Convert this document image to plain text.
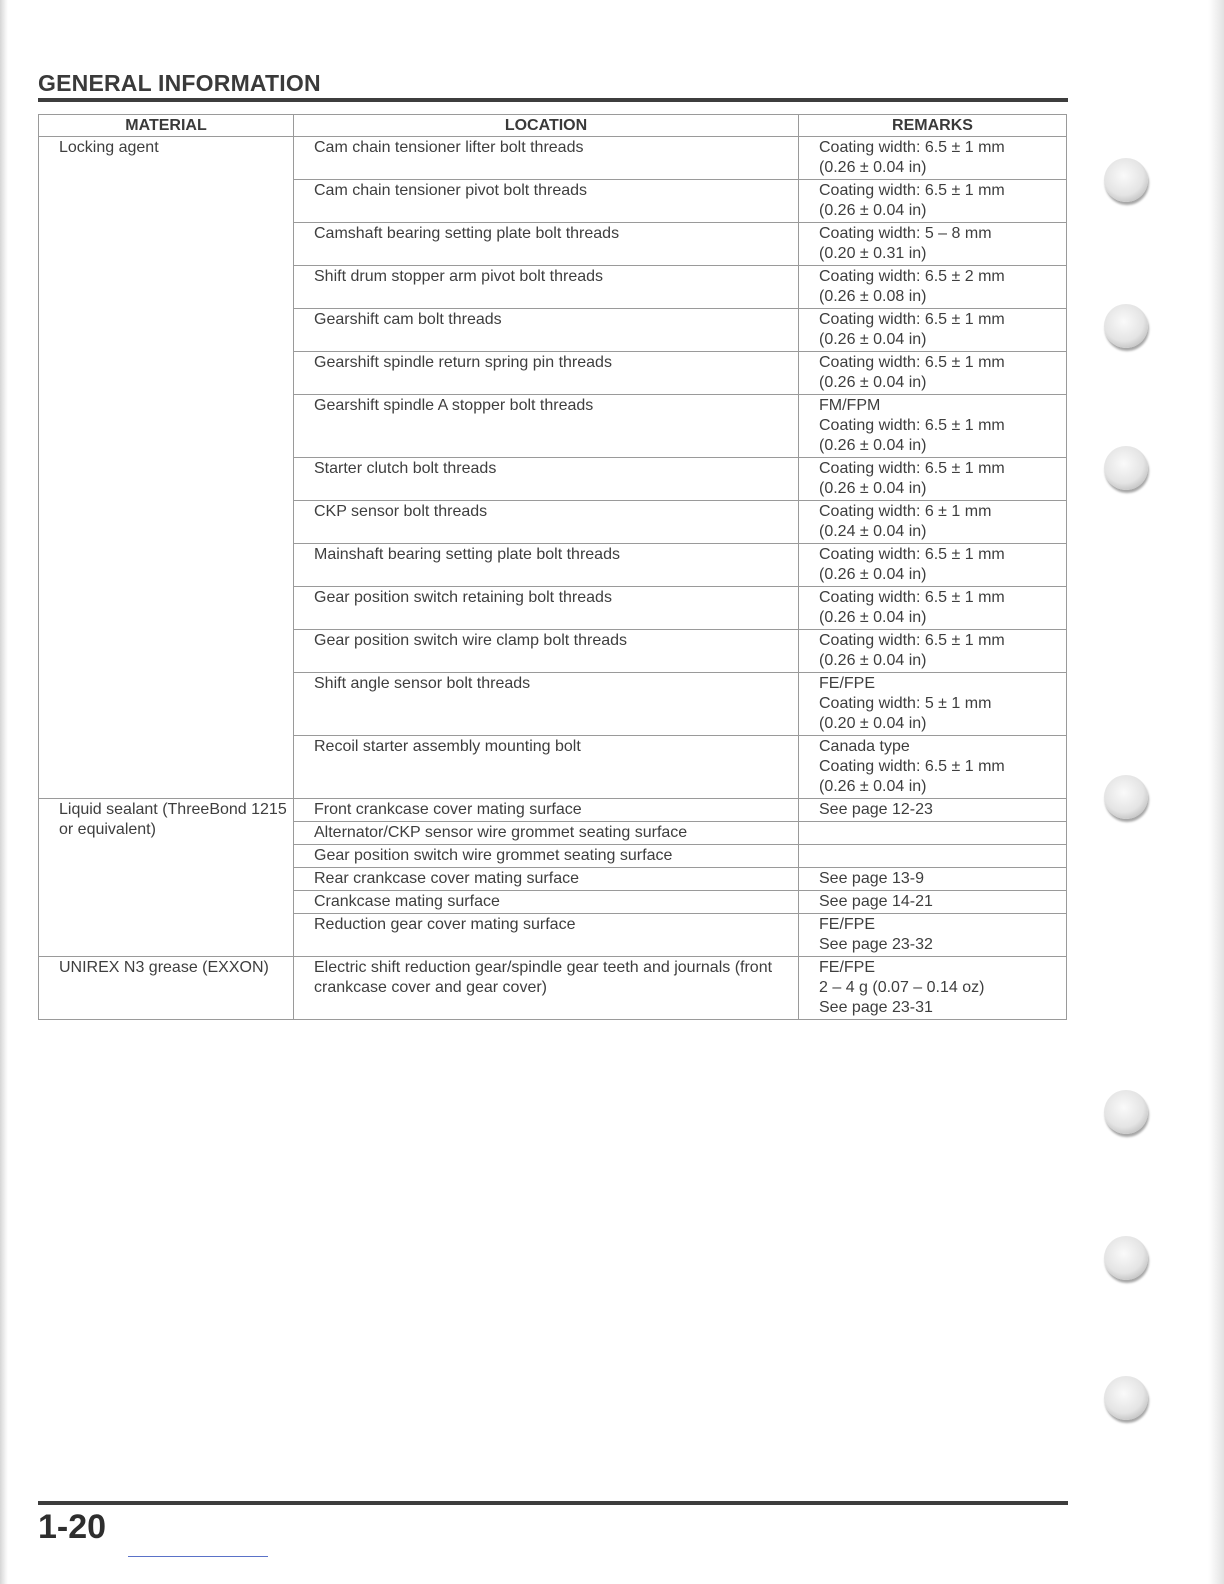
GENERAL INFORMATION
MATERIAL	LOCATION	REMARKS
Locking agent	Cam chain tensioner lifter bolt threads	Coating width: 6.5 ± 1 mm
(0.26 ± 0.04 in)

	Cam chain tensioner pivot bolt threads	Coating width: 6.5 ± 1 mm
(0.26 ± 0.04 in)

	Camshaft bearing setting plate bolt threads	Coating width: 5 – 8 mm
(0.20 ± 0.31 in)

	Shift drum stopper arm pivot bolt threads	Coating width: 6.5 ± 2 mm
(0.26 ± 0.08 in)

	Gearshift cam bolt threads	Coating width: 6.5 ± 1 mm
(0.26 ± 0.04 in)

	Gearshift spindle return spring pin threads	Coating width: 6.5 ± 1 mm
(0.26 ± 0.04 in)

	Gearshift spindle A stopper bolt threads	FM/FPM
Coating width: 6.5 ± 1 mm
(0.26 ± 0.04 in)

	Starter clutch bolt threads	Coating width: 6.5 ± 1 mm
(0.26 ± 0.04 in)

	CKP sensor bolt threads	Coating width: 6 ± 1 mm
(0.24 ± 0.04 in)

	Mainshaft bearing setting plate bolt threads	Coating width: 6.5 ± 1 mm
(0.26 ± 0.04 in)

	Gear position switch retaining bolt threads	Coating width: 6.5 ± 1 mm
(0.26 ± 0.04 in)

	Gear position switch wire clamp bolt threads	Coating width: 6.5 ± 1 mm
(0.26 ± 0.04 in)

	Shift angle sensor bolt threads	FE/FPE
Coating width: 5 ± 1 mm
(0.20 ± 0.04 in)

	Recoil starter assembly mounting bolt	Canada type
Coating width: 6.5 ± 1 mm
(0.26 ± 0.04 in)

Liquid sealant (ThreeBond 1215 or equivalent)	Front crankcase cover mating surface	See page 12-23

	Alternator/CKP sensor wire grommet seating surface	

	Gear position switch wire grommet seating surface	

	Rear crankcase cover mating surface	See page 13-9

	Crankcase mating surface	See page 14-21

	Reduction gear cover mating surface	FE/FPE
See page 23-32

UNIREX N3 grease (EXXON)	Electric shift reduction gear/spindle gear teeth and journals (front crankcase cover and gear cover)	FE/FPE
2 – 4 g (0.07 – 0.14 oz)
See page 23-31
1-20
